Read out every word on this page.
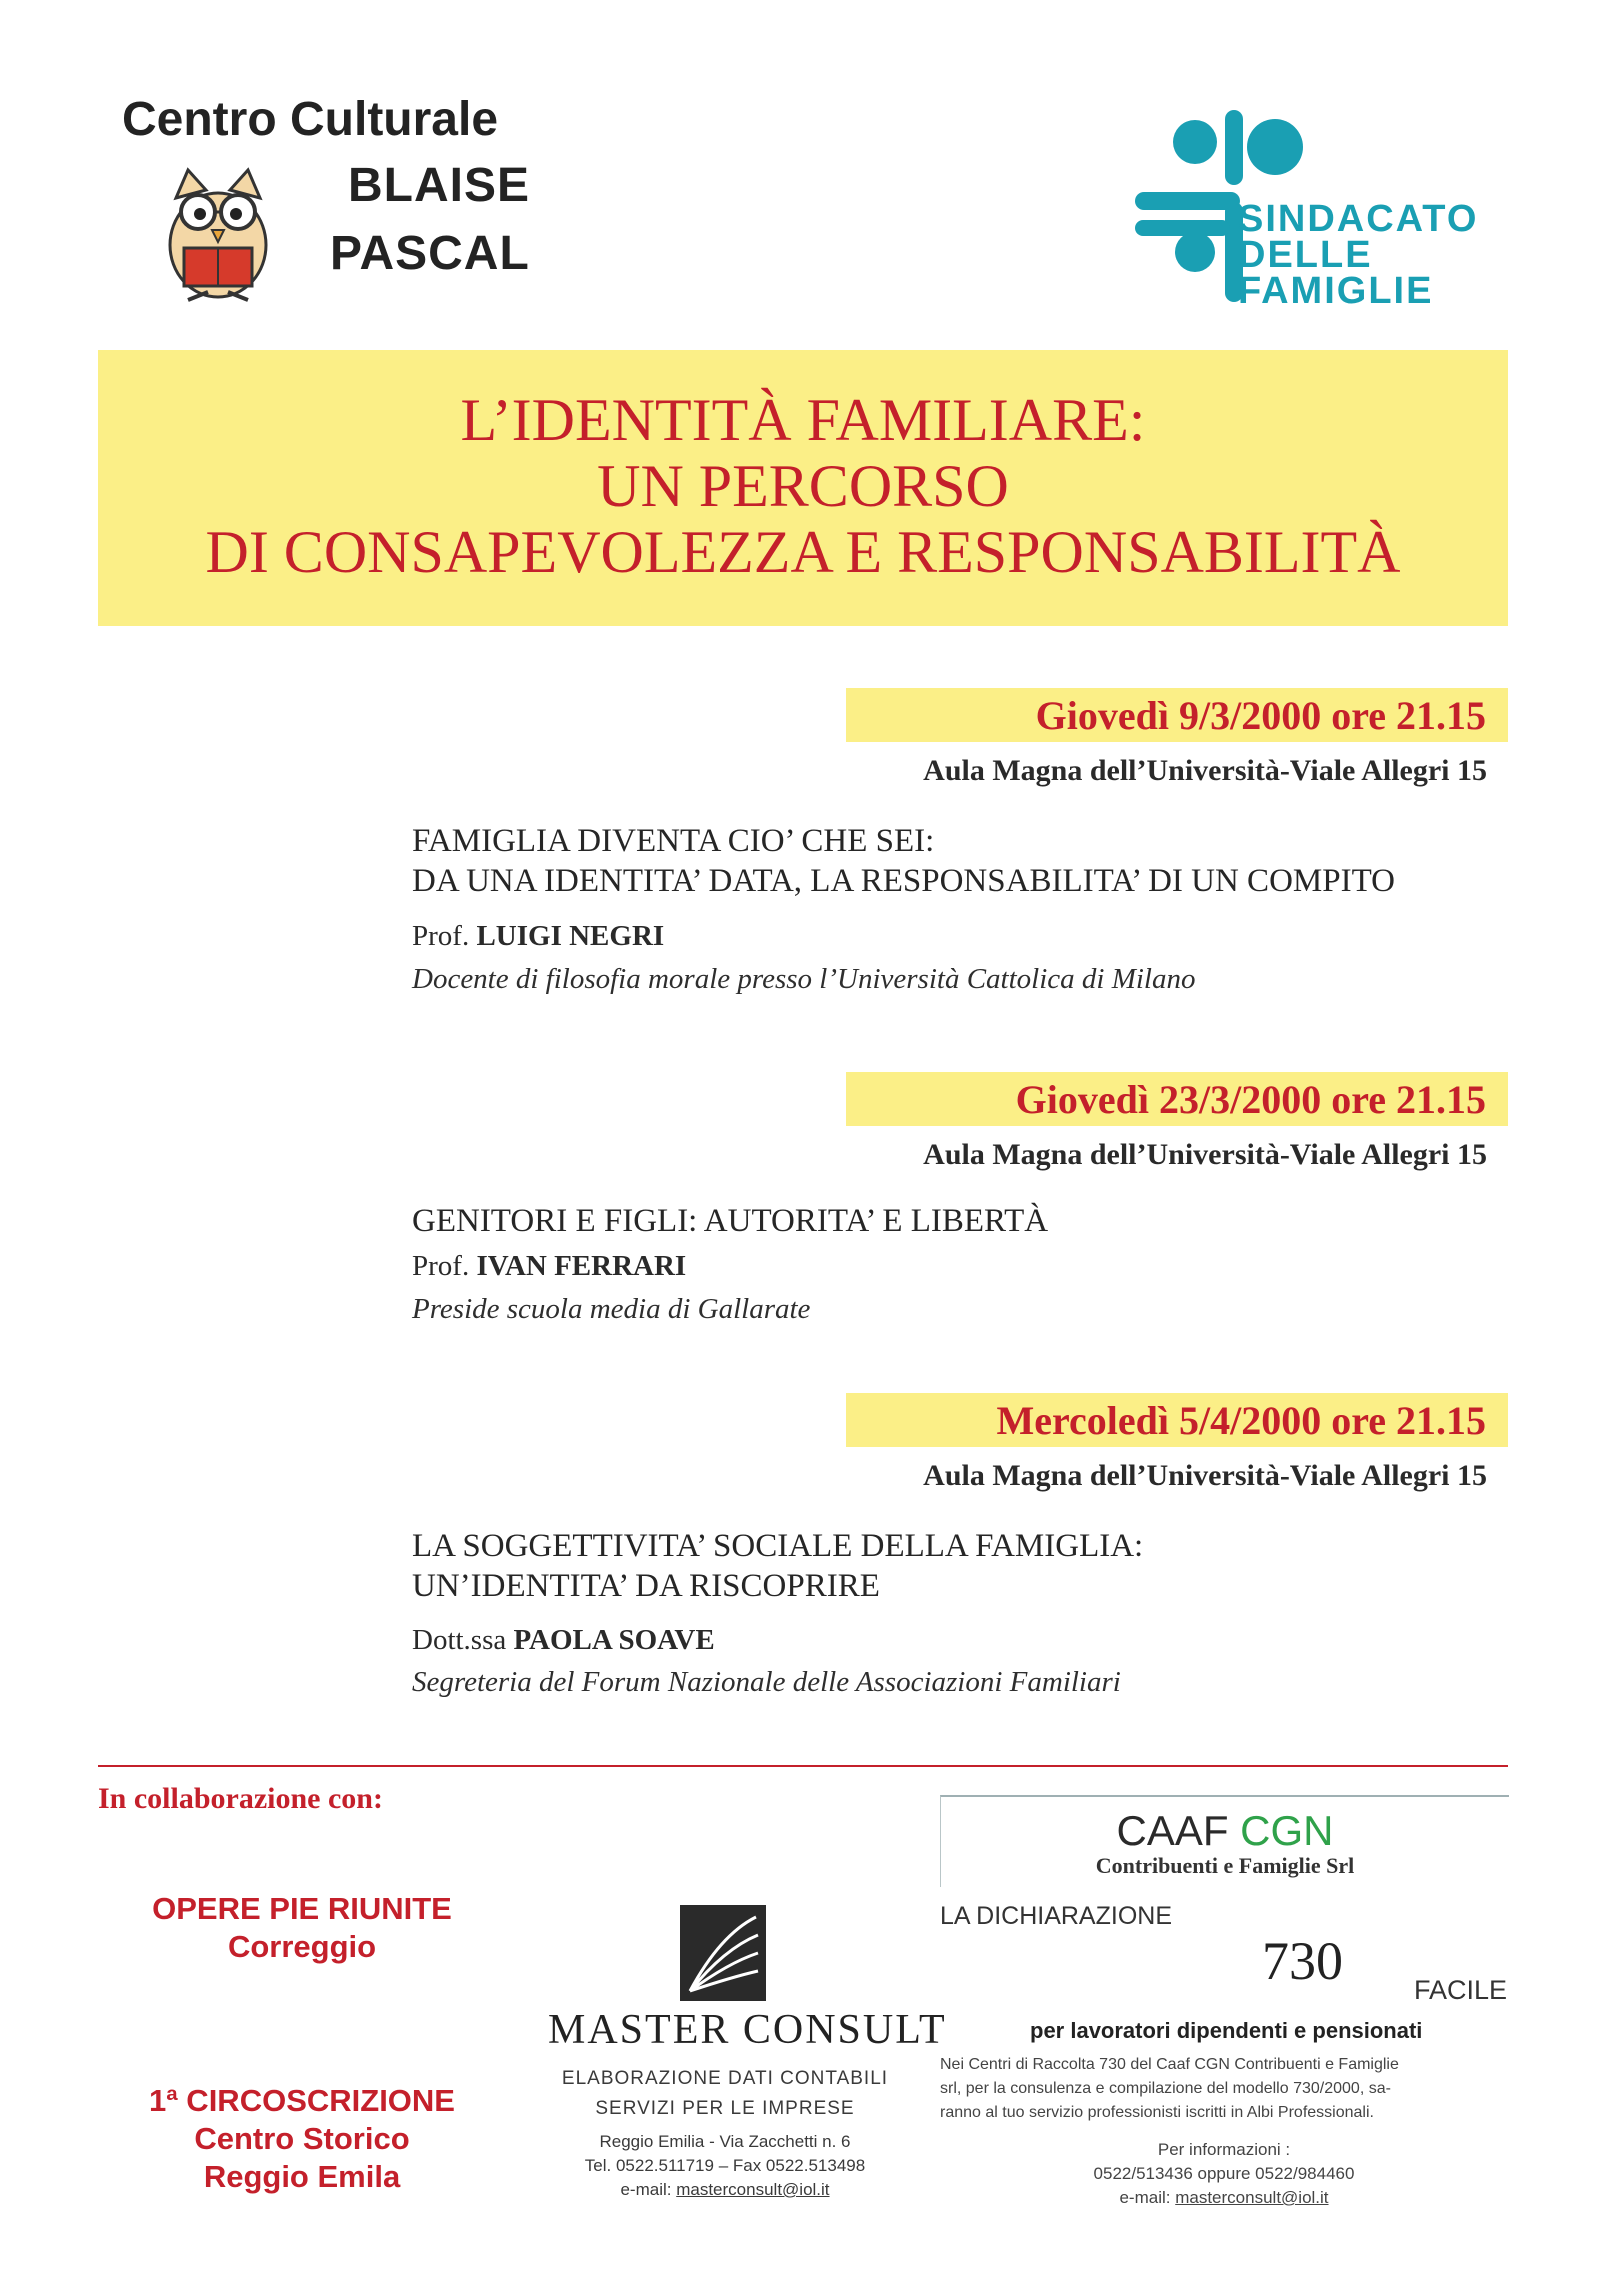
Centro Culturale
BLAISE
PASCAL
SINDACATO
DELLE
FAMIGLIE
L’IDENTITÀ FAMILIARE:
UN PERCORSO
DI CONSAPEVOLEZZA E RESPONSABILITÀ
Giovedì 9/3/2000 ore 21.15
Aula Magna dell’Università-Viale Allegri 15
FAMIGLIA DIVENTA CIO’ CHE SEI:
DA UNA IDENTITA’ DATA, LA RESPONSABILITA’ DI UN COMPITO
Prof. LUIGI NEGRI
Docente di filosofia morale presso l’Università Cattolica di Milano
Giovedì 23/3/2000 ore 21.15
Aula Magna dell’Università-Viale Allegri 15
GENITORI E FIGLI: AUTORITA’ E LIBERTÀ
Prof. IVAN FERRARI
Preside scuola media di Gallarate
Mercoledì 5/4/2000 ore 21.15
Aula Magna dell’Università-Viale Allegri 15
LA SOGGETTIVITA’ SOCIALE DELLA FAMIGLIA:
UN’IDENTITA’ DA RISCOPRIRE
Dott.ssa PAOLA SOAVE
Segreteria del Forum Nazionale delle Associazioni Familiari
In collaborazione con:
OPERE PIE RIUNITE
Correggio
1ª CIRCOSCRIZIONE
Centro Storico
Reggio Emila
MASTER CONSULT
ELABORAZIONE DATI CONTABILI
SERVIZI PER LE IMPRESE
Reggio Emilia - Via Zacchetti n. 6
Tel. 0522.511719 – Fax 0522.513498
e-mail: masterconsult@iol.it
CAAF CGN
Contribuenti e Famiglie Srl
LA DICHIARAZIONE
730	FACILE
per lavoratori dipendenti e pensionati
Nei Centri di Raccolta 730 del Caaf CGN Contribuenti e Famiglie
srl, per la consulenza e compilazione del modello 730/2000, sa-
ranno al tuo servizio professionisti iscritti in Albi Professionali.
Per informazioni :
0522/513436 oppure 0522/984460
e-mail: masterconsult@iol.it
